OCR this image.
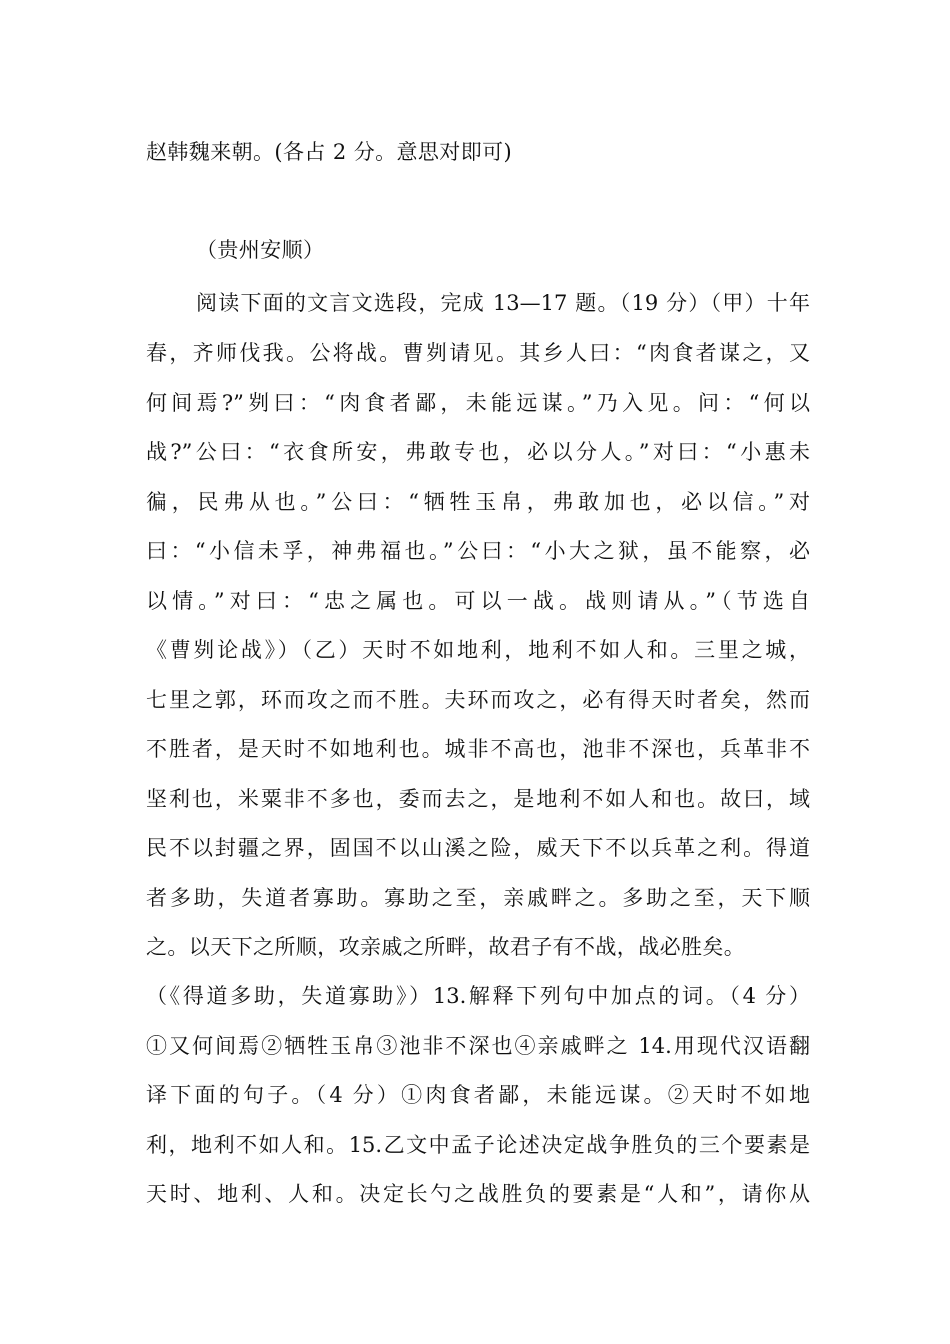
赵韩魏来朝。(各占 2 分。意思对即可)
（贵州安顺）
阅读下面的文言文选段，完成 13—17 题。（19 分）（甲）十年
春，齐师伐我。公将战。曹刿请见。其乡人曰：“肉食者谋之，又
何间焉?”刿曰：“肉食者鄙，未能远谋。”乃入见。问：“何以
战?”公曰：“衣食所安，弗敢专也，必以分人。”对曰：“小惠未
徧，民弗从也。”公曰：“牺牲玉帛，弗敢加也，必以信。”对
曰：“小信未孚，神弗福也。”公曰：“小大之狱，虽不能察，必
以情。”对曰：“忠之属也。可以一战。战则请从。”（节选自
《曹刿论战》）（乙）天时不如地利，地利不如人和。三里之城，
七里之郭，环而攻之而不胜。夫环而攻之，必有得天时者矣，然而
不胜者，是天时不如地利也。城非不高也，池非不深也，兵革非不
坚利也，米粟非不多也，委而去之，是地利不如人和也。故曰，域
民不以封疆之界，固国不以山溪之险，威天下不以兵革之利。得道
者多助，失道者寡助。寡助之至，亲戚畔之。多助之至，天下顺
之。以天下之所顺，攻亲戚之所畔，故君子有不战，战必胜矣。
（《得道多助，失道寡助》）13.解释下列句中加点的词。（4 分）
①又何间焉②牺牲玉帛③池非不深也④亲戚畔之 14.用现代汉语翻
译下面的句子。（4 分）①肉食者鄙，未能远谋。②天时不如地
利，地利不如人和。15.乙文中孟子论述决定战争胜负的三个要素是
天时、地利、人和。决定长勺之战胜负的要素是“人和”，请你从
